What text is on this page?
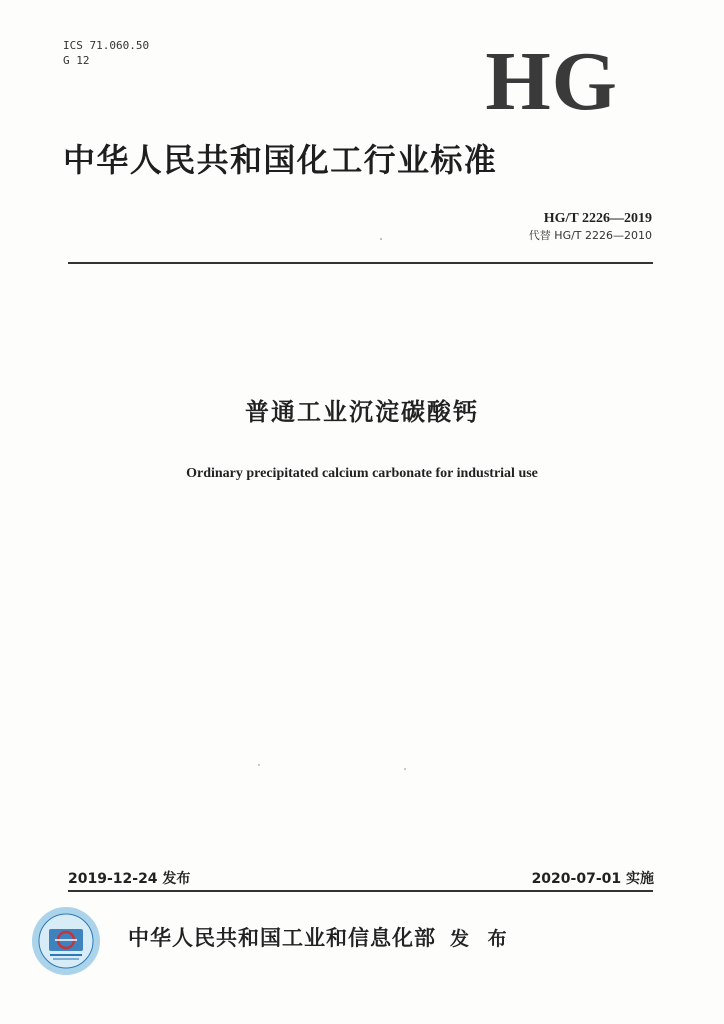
ICS 71.060.50
G 12	HG
中华人民共和国化工行业标准
HG/T 2226—2019
代替 HG/T 2226—2010
普通工业沉淀碳酸钙
Ordinary precipitated calcium carbonate for industrial use
2019-12-24 发布	2020-07-01 实施
中华人民共和国工业和信息化部 发 布
